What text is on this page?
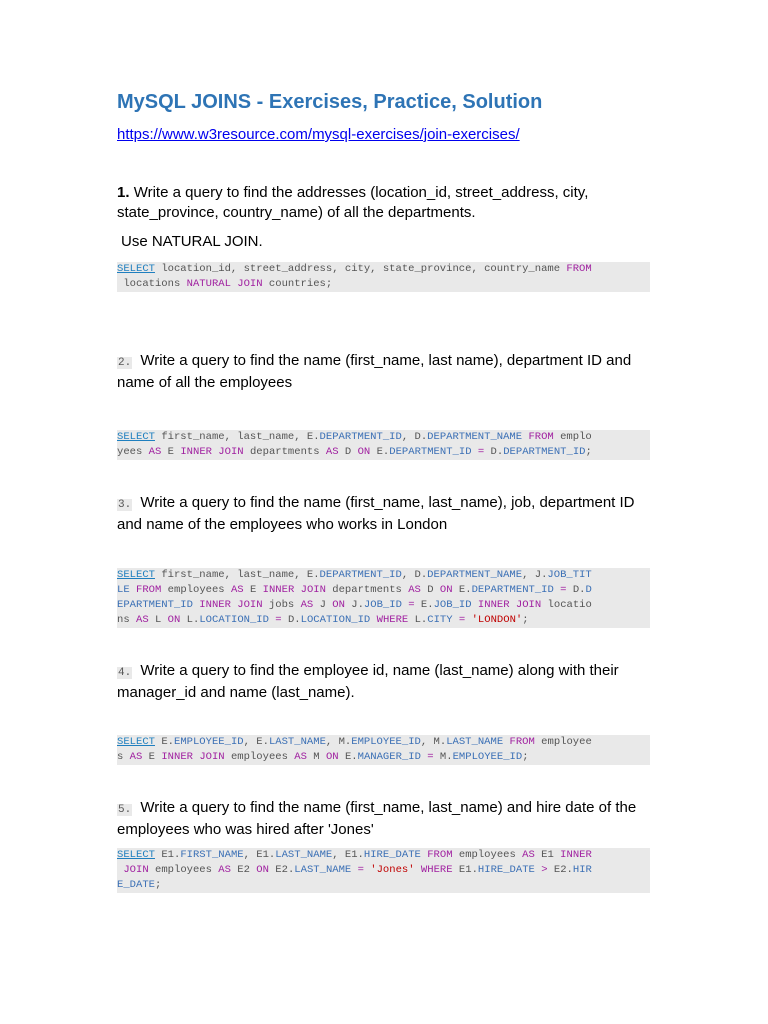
MySQL JOINS - Exercises, Practice, Solution
https://www.w3resource.com/mysql-exercises/join-exercises/
1. Write a query to find the addresses (location_id, street_address, city, state_province, country_name) of all the departments.
Use NATURAL JOIN.
SELECT location_id, street_address, city, state_province, country_name FROM
locations NATURAL JOIN countries;
2. Write a query to find the name (first_name, last name), department ID and name of all the employees
SELECT first_name, last_name, E.DEPARTMENT_ID, D.DEPARTMENT_NAME FROM emplo
yees AS E INNER JOIN departments AS D ON E.DEPARTMENT_ID = D.DEPARTMENT_ID;
3. Write a query to find the name (first_name, last_name), job, department ID and name of the employees who works in London
SELECT first_name, last_name, E.DEPARTMENT_ID, D.DEPARTMENT_NAME, J.JOB_TIT
LE FROM employees AS E INNER JOIN departments AS D ON E.DEPARTMENT_ID = D.D
EPARTMENT_ID INNER JOIN jobs AS J ON J.JOB_ID = E.JOB_ID INNER JOIN locatio
ns AS L ON L.LOCATION_ID = D.LOCATION_ID WHERE L.CITY = 'LONDON';
4. Write a query to find the employee id, name (last_name) along with their manager_id and name (last_name).
SELECT E.EMPLOYEE_ID, E.LAST_NAME, M.EMPLOYEE_ID, M.LAST_NAME FROM employee
s AS E INNER JOIN employees AS M ON E.MANAGER_ID = M.EMPLOYEE_ID;
5. Write a query to find the name (first_name, last_name) and hire date of the employees who was hired after 'Jones'
SELECT E1.FIRST_NAME, E1.LAST_NAME, E1.HIRE_DATE FROM employees AS E1 INNER
JOIN employees AS E2 ON E2.LAST_NAME = 'Jones' WHERE E1.HIRE_DATE > E2.HIR
E_DATE;
